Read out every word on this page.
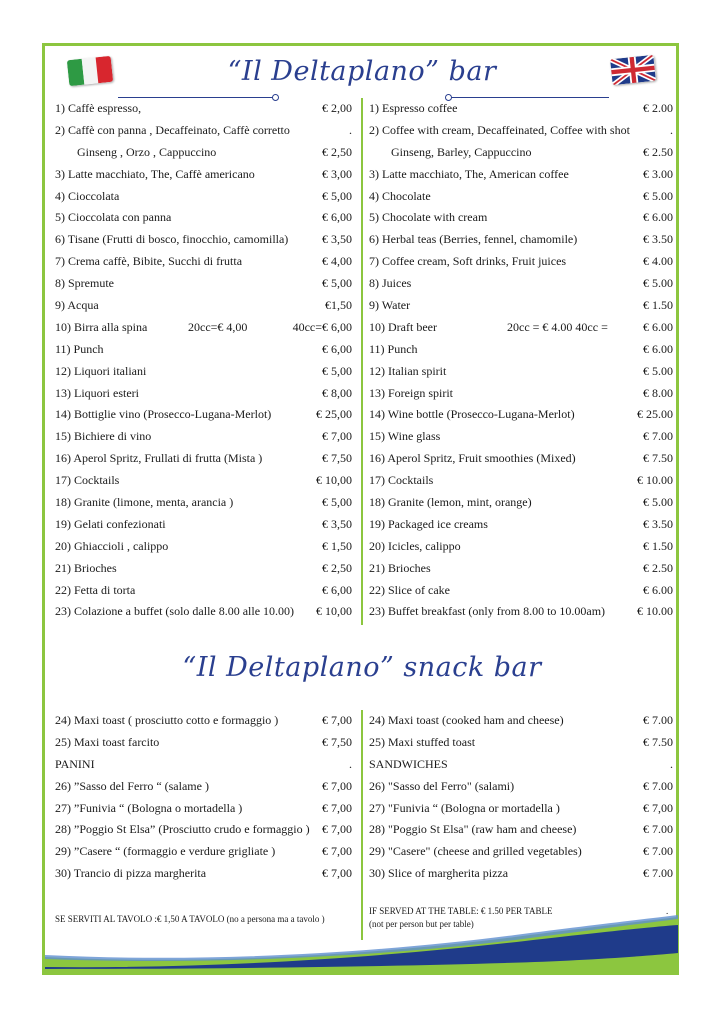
“Il Deltaplano” bar
“Il Deltaplano” snack bar
1) Caffè espresso,	€ 2,00
2) Caffè con panna , Decaffeinato, Caffè corretto	.
Ginseng , Orzo , Cappuccino	€ 2,50
3) Latte macchiato, The, Caffè americano	€ 3,00
4) Cioccolata	€ 5,00
5) Cioccolata con panna	€ 6,00
6) Tisane (Frutti di bosco, finocchio, camomilla)	€ 3,50
7) Crema caffè, Bibite, Succhi di frutta	€ 4,00
8) Spremute	€ 5,00
9) Acqua	€1,50
10) Birra alla spina	20cc=€ 4,00	40cc=€ 6,00
11) Punch	€ 6,00
12) Liquori italiani	€ 5,00
13) Liquori esteri	€ 8,00
14) Bottiglie vino (Prosecco-Lugana-Merlot)	€ 25,00
15) Bichiere di vino	€ 7,00
16) Aperol Spritz, Frullati di frutta (Mista )	€ 7,50
17) Cocktails	€ 10,00
18) Granite (limone, menta, arancia )	€ 5,00
19) Gelati confezionati	€ 3,50
20) Ghiaccioli , calippo	€ 1,50
21) Brioches	€ 2,50
22) Fetta di torta	€ 6,00
23) Colazione a buffet (solo dalle 8.00 alle 10.00) € 10,00
1) Espresso coffee	€ 2.00
2) Coffee with cream, Decaffeinated, Coffee with shot	.
Ginseng, Barley, Cappuccino	€ 2.50
3) Latte macchiato, The, American coffee	€ 3.00
4) Chocolate	€ 5.00
5) Chocolate with cream	€ 6.00
6) Herbal teas (Berries, fennel, chamomile)	€ 3.50
7) Coffee cream, Soft drinks, Fruit juices	€ 4.00
8) Juices	€ 5.00
9) Water	€ 1.50
10) Draft beer	20cc = € 4.00 40cc =	€ 6.00
11) Punch	€ 6.00
12) Italian spirit	€ 5.00
13) Foreign spirit	€ 8.00
14) Wine bottle (Prosecco-Lugana-Merlot)	€ 25.00
15) Wine glass	€ 7.00
16) Aperol Spritz, Fruit smoothies (Mixed)	€ 7.50
17) Cocktails	€ 10.00
18) Granite (lemon, mint, orange)	€ 5.00
19) Packaged ice creams	€ 3.50
20) Icicles, calippo	€ 1.50
21) Brioches	€ 2.50
22) Slice of cake	€ 6.00
23) Buffet breakfast (only from 8.00 to 10.00am)	€ 10.00
24) Maxi toast ( prosciutto cotto e formaggio )	€ 7,00
25) Maxi toast farcito	€ 7,50
PANINI	.
26) ”Sasso del Ferro “ (salame )	€ 7,00
27) ”Funivia “ (Bologna o mortadella )	€ 7,00
28) ”Poggio St Elsa” (Prosciutto crudo e formaggio ) € 7,00
29) ”Casere “ (formaggio e verdure grigliate )	€ 7,00
30) Trancio di pizza margherita	€ 7,00
24) Maxi toast (cooked ham and cheese)	€ 7.00
25) Maxi stuffed toast	€ 7.50
SANDWICHES	.
26) "Sasso del Ferro" (salami)	€ 7.00
27) "Funivia “ (Bologna or mortadella )	€ 7,00
28) "Poggio St Elsa" (raw ham and cheese)	€ 7.00
29) "Casere" (cheese and grilled vegetables)	€ 7.00
30) Slice of margherita pizza	€ 7.00
SE SERVITI AL TAVOLO :€ 1,50 A TAVOLO (no a persona ma a tavolo )
IF SERVED AT THE TABLE: € 1.50 PER TABLE
(not per person but per table)
.
